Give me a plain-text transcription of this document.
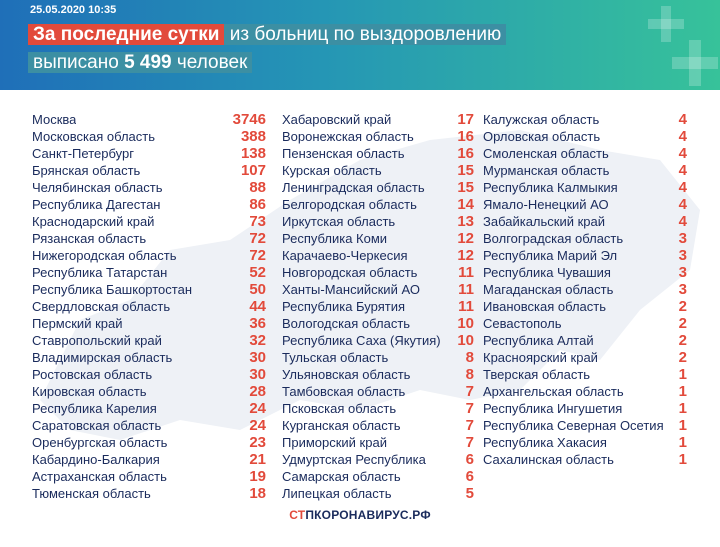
25.05.2020 10:35
За последние сутки из больниц по выздоровлению
выписано 5 499 человек
Москва	3746
Московская область	388
Санкт-Петербург	138
Брянская область	107
Челябинская область	88
Республика Дагестан	86
Краснодарский край	73
Рязанская область	72
Нижегородская область	72
Республика Татарстан	52
Республика Башкортостан	50
Свердловская область	44
Пермский край	36
Ставропольский край	32
Владимирская область	30
Ростовская область	30
Кировская область	28
Республика Карелия	24
Саратовская область	24
Оренбургская область	23
Кабардино-Балкария	21
Астраханская область	19
Тюменская область	18
Хабаровский край	17
Воронежская область	16
Пензенская область	16
Курская область	15
Ленинградская область 15
Белгородская область	14
Иркутская область	13
Республика Коми	12
Карачаево-Черкесия	12
Новгородская область	11
Ханты-Мансийский АО	11
Республика Бурятия	11
Вологодская область	10
Республика Саха (Якутия) 10
Тульская область	8
Ульяновская область	8
Тамбовская область	7
Псковская область	7
Курганская область	7
Приморский край	7
Удмуртская Республика	6
Самарская область	6
Липецкая область	5
Калужская область	4
Орловская область	4
Смоленская область	4
Мурманская область	4
Республика Калмыкия	4
Ямало-Ненецкий АО	4
Забайкальский край	4
Волгоградская область	3
Республика Марий Эл	3
Республика Чувашия	3
Магаданская область	3
Ивановская область	2
Севастополь	2
Республика Алтай	2
Красноярский край	2
Тверская область	1
Архангельская область	1
Республика Ингушетия	1
Республика Северная Осетия 1
Республика Хакасия	1
Сахалинская область	1
СТПКОРОНАВИРУС.РФ
